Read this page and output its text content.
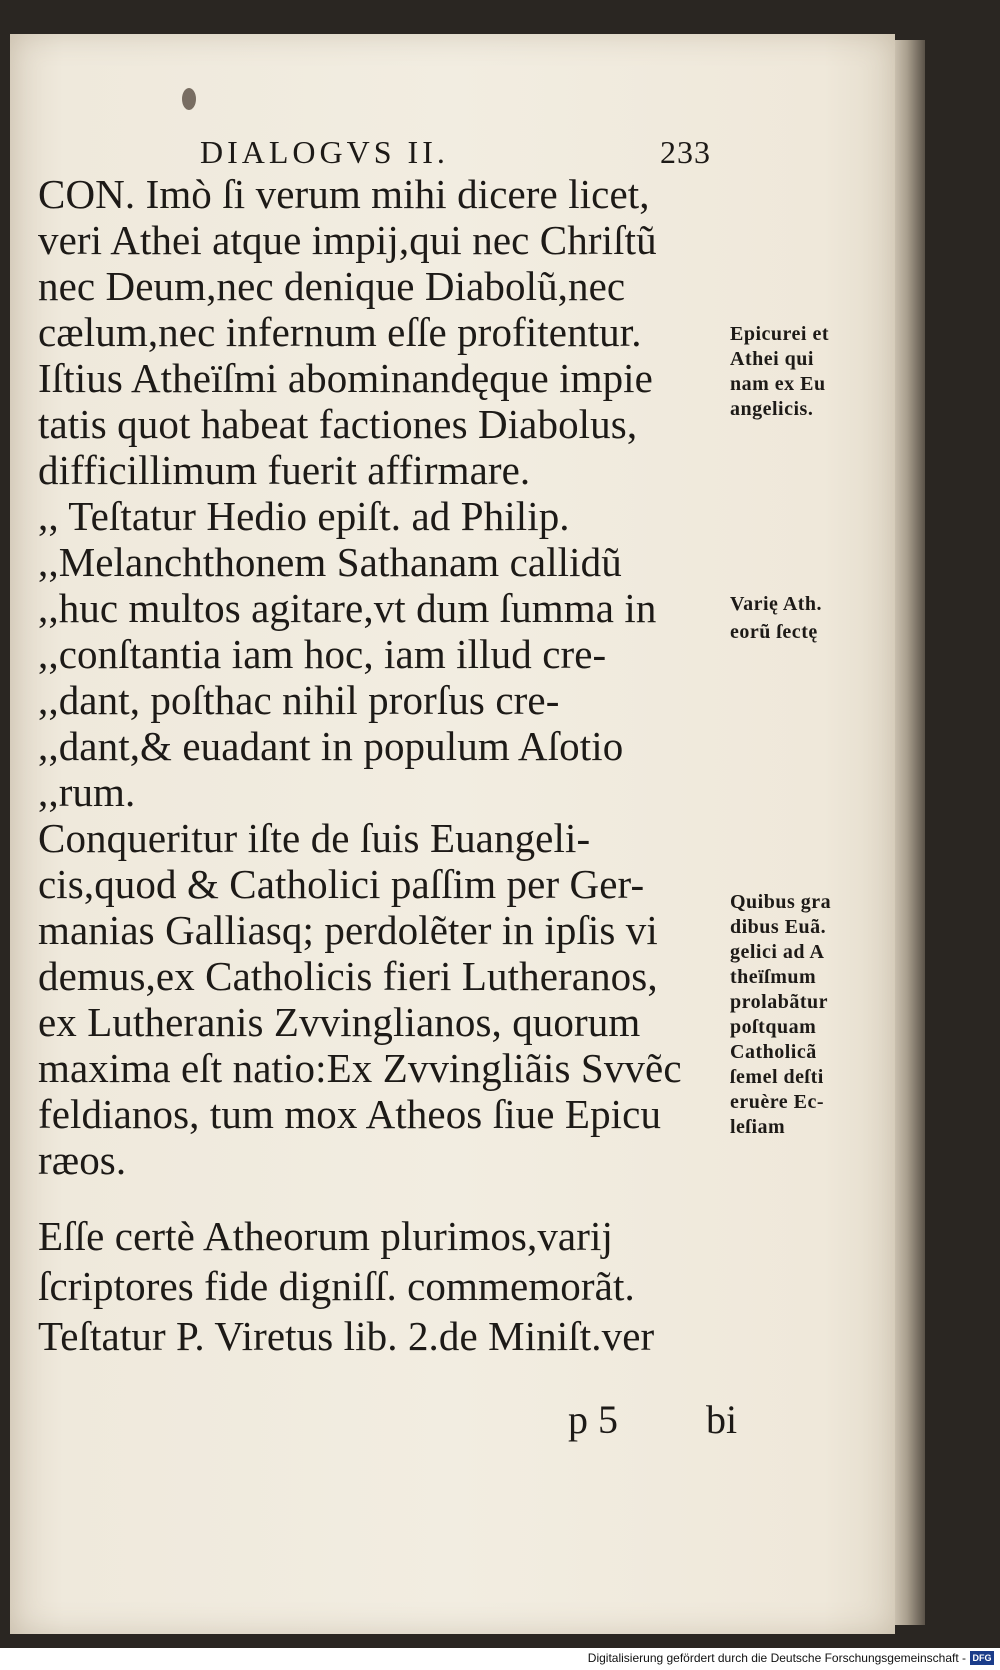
DIALOGVS II.	233
CON. Imò ſi verum mihi dicere licet,
veri Athei atque impij,qui nec Chriſtũ
nec Deum,nec denique Diabolũ,nec
cælum,nec infernum eſſe profitentur.
Iſtius Atheïſmi abominandęque impie
tatis quot habeat factiones Diabolus,
difficillimum fuerit affirmare.
,, Teſtatur Hedio epiſt. ad Philip.
,,Melanchthonem Sathanam callidũ
,,huc multos agitare,vt dum ſumma in
,,conſtantia iam hoc, iam illud cre-
,,dant, poſthac nihil prorſus cre-
,,dant,& euadant in populum Aſotio
,,rum.
Conqueritur iſte de ſuis Euangeli-
cis,quod & Catholici paſſim per Ger-
manias Galliasq; perdolẽter in ipſis vi
demus,ex Catholicis fieri Lutheranos,
ex Lutheranis Zvvinglianos, quorum
maxima eſt natio:Ex Zvvingliãis Svvẽc
feldianos, tum mox Atheos ſiue Epicu
ræos.
Eſſe certè Atheorum plurimos,varij
ſcriptores fide digniſſ. commemorãt.
Teſtatur P. Viretus lib. 2.de Miniſt.ver
Epicurei et
Athei qui
nam ex Eu
angelicis.
Varię Ath.
eorũ ſectę
Quibus gra
dibus Euã.
gelici ad A
theïſmum
prolabãtur
poſtquam
Catholicã
ſemel deſti
eruère Ec-
leſiam
p 5 bi
Digitalisierung gefördert durch die Deutsche Forschungsgemeinschaft - DFG
